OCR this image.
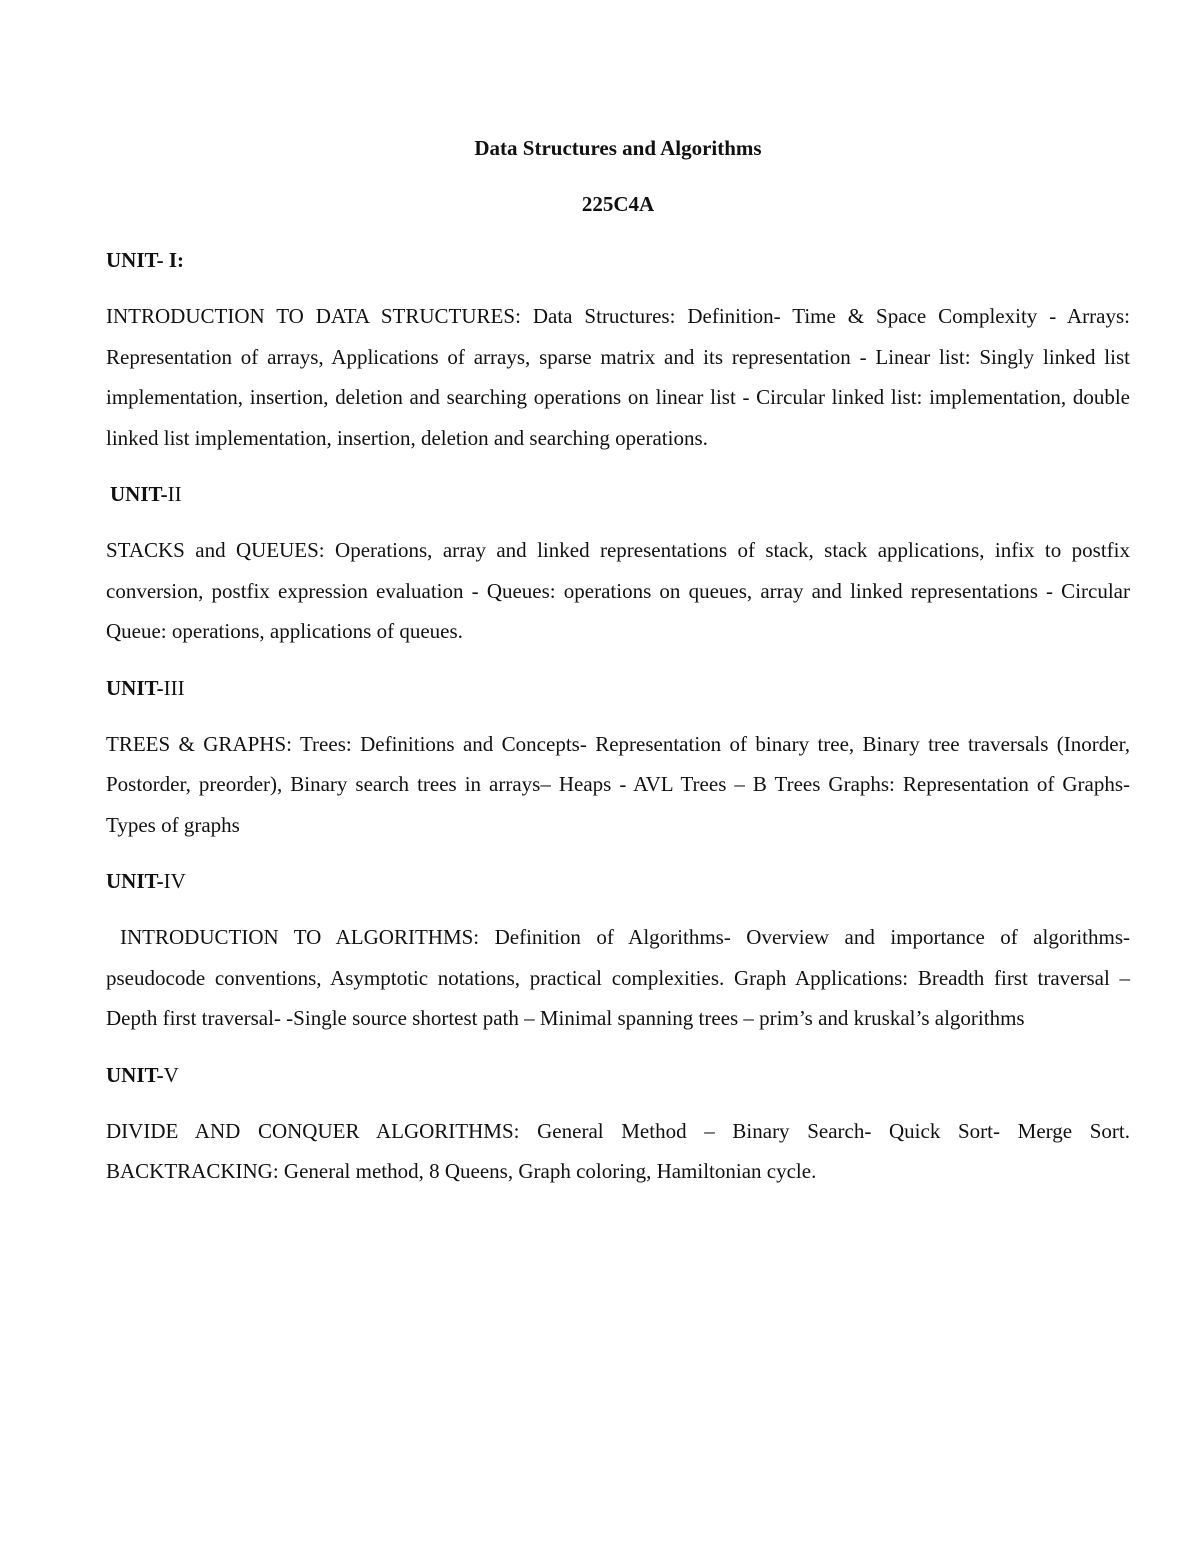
Data Structures and Algorithms
225C4A
UNIT- I:
INTRODUCTION TO DATA STRUCTURES: Data Structures: Definition- Time & Space Complexity - Arrays: Representation of arrays, Applications of arrays, sparse matrix and its representation - Linear list: Singly linked list implementation, insertion, deletion and searching operations on linear list - Circular linked list: implementation, double linked list implementation, insertion, deletion and searching operations.
UNIT-II
STACKS and QUEUES: Operations, array and linked representations of stack, stack applications, infix to postfix conversion, postfix expression evaluation - Queues: operations on queues, array and linked representations - Circular Queue: operations, applications of queues.
UNIT-III
TREES & GRAPHS: Trees: Definitions and Concepts- Representation of binary tree, Binary tree traversals (Inorder, Postorder, preorder), Binary search trees in arrays– Heaps - AVL Trees – B Trees Graphs: Representation of Graphs- Types of graphs
UNIT-IV
INTRODUCTION TO ALGORITHMS: Definition of Algorithms- Overview and importance of algorithms- pseudocode conventions, Asymptotic notations, practical complexities. Graph Applications: Breadth first traversal – Depth first traversal- -Single source shortest path – Minimal spanning trees – prim’s and kruskal’s algorithms
UNIT-V
DIVIDE AND CONQUER ALGORITHMS: General Method – Binary Search- Quick Sort- Merge Sort. BACKTRACKING: General method, 8 Queens, Graph coloring, Hamiltonian cycle.
